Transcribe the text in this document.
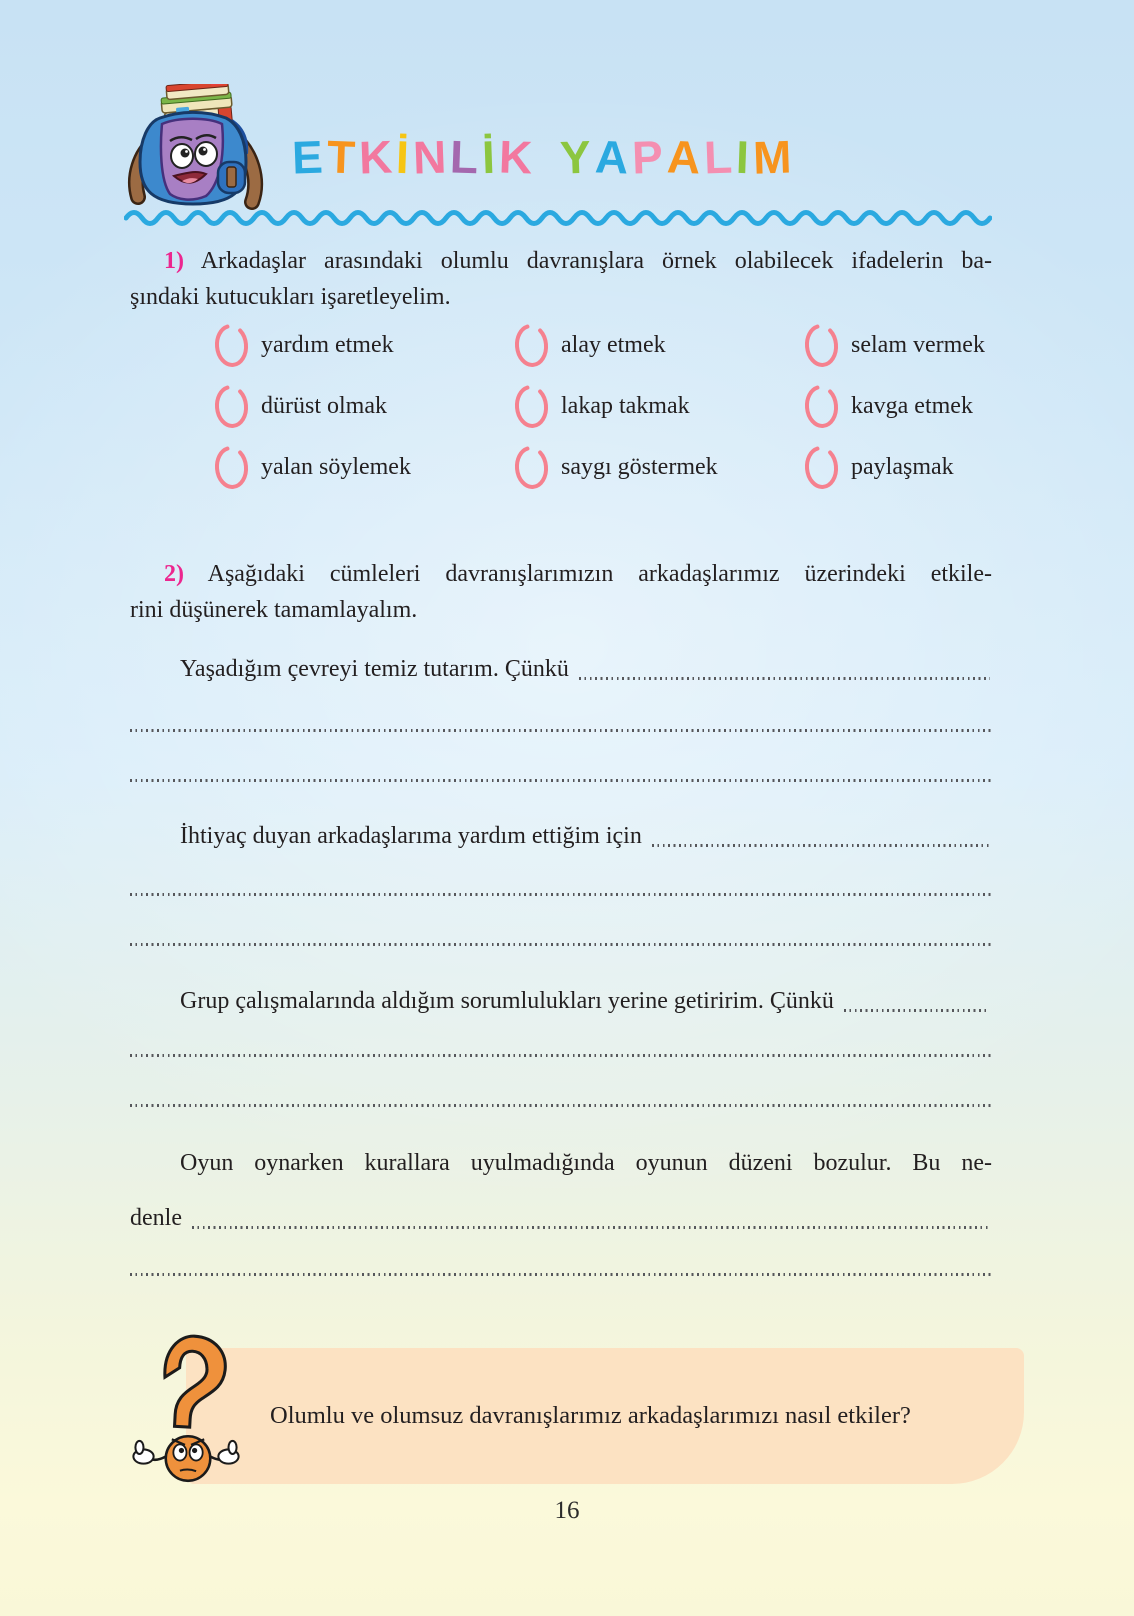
ETKİNLİK YAPALIM
1) Arkadaşlar arasındaki olumlu davranışlara örnek olabilecek ifadelerin ba-
şındaki kutucukları işaretleyelim.
yardım etmek	alay etmek	selam vermek
dürüst olmak	lakap takmak	kavga etmek
yalan söylemek	saygı göstermek	paylaşmak
2) Aşağıdaki cümleleri davranışlarımızın arkadaşlarımız üzerindeki etkile-
rini düşünerek tamamlayalım.
Yaşadığım çevreyi temiz tutarım. Çünkü
İhtiyaç duyan arkadaşlarıma yardım ettiğim için
Grup çalışmalarında aldığım sorumlulukları yerine getiririm. Çünkü
Oyun oynarken kurallara uyulmadığında oyunun düzeni bozulur. Bu ne-
denle
Olumlu ve olumsuz davranışlarımız arkadaşlarımızı nasıl etkiler?
16
